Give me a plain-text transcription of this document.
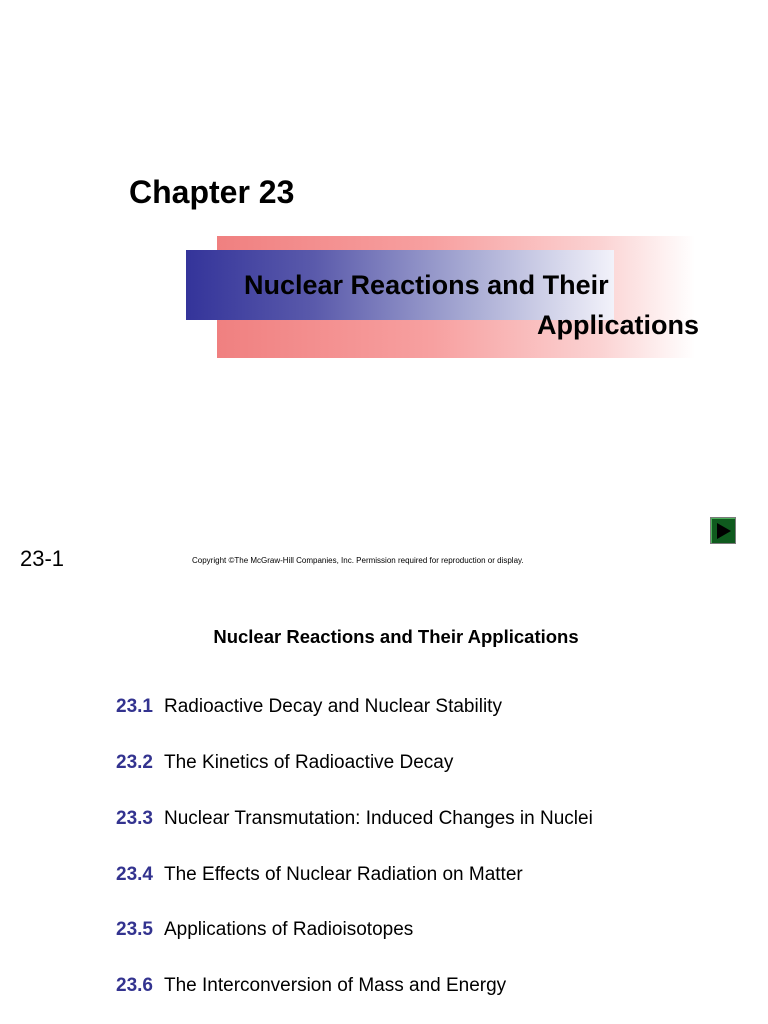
Chapter 23
Nuclear Reactions and Their
Applications
23-1	Copyright ©The McGraw-Hill Companies, Inc. Permission required for reproduction or display.
Nuclear Reactions and Their Applications
23.1 Radioactive Decay and Nuclear Stability
23.2 The Kinetics of Radioactive Decay
23.3 Nuclear Transmutation: Induced Changes in Nuclei
23.4 The Effects of Nuclear Radiation on Matter
23.5 Applications of Radioisotopes
23.6 The Interconversion of Mass and Energy
